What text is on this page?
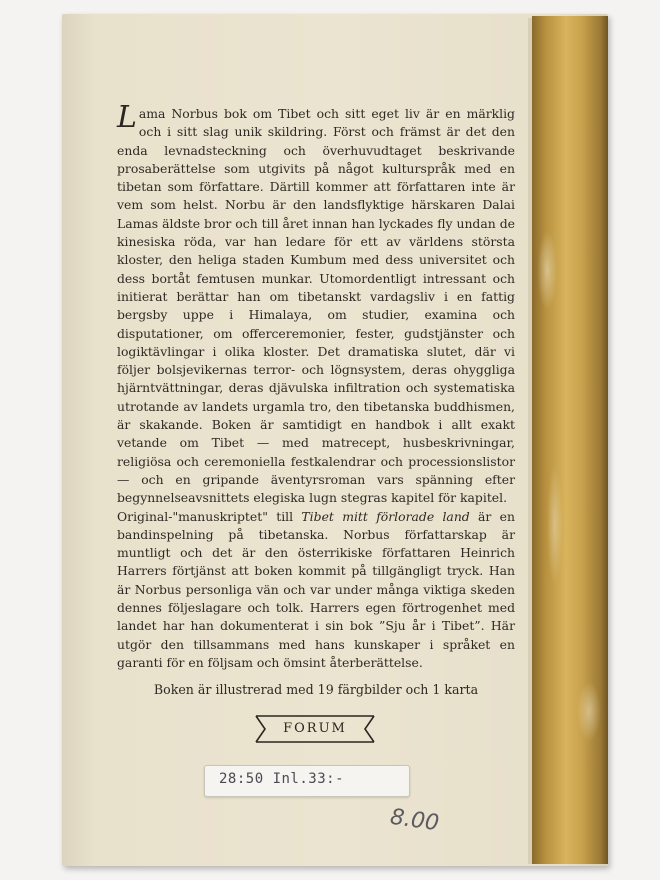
Lama Norbus bok om Tibet och sitt eget liv är en märklig och i sitt slag unik skildring. Först och främst är det den enda levnadsteckning och överhuvudtaget beskrivande prosaberättelse som utgivits på något kulturspråk med en tibetan som författare. Därtill kommer att författaren inte är vem som helst. Norbu är den landsflyktige härskaren Dalai Lamas äldste bror och till året innan han lyckades fly undan de kinesiska röda, var han ledare för ett av världens största kloster, den heliga staden Kumbum med dess universitet och dess bortåt femtusen munkar. Utomordentligt intressant och initierat berättar han om tibetanskt vardagsliv i en fattig bergsby uppe i Himalaya, om studier, examina och disputationer, om offerceremonier, fester, gudstjänster och logiktävlingar i olika kloster. Det dramatiska slutet, där vi följer bolsjevikernas terror- och lögnsystem, deras ohyggliga hjärntvättningar, deras djävulska infiltration och systematiska utrotande av landets urgamla tro, den tibetanska buddhismen, är skakande. Boken är samtidigt en handbok i allt exakt vetande om Tibet — med matrecept, husbeskrivningar, religiösa och ceremoniella festkalendrar och processionslistor — och en gripande äventyrsroman vars spänning efter begynnelseavsnittets elegiska lugn stegras kapitel för kapitel.

Original-"manuskriptet" till Tibet mitt förlorade land är en bandinspelning på tibetanska. Norbus författarskap är muntligt och det är den österrikiske författaren Heinrich Harrers förtjänst att boken kommit på tillgängligt tryck. Han är Norbus personliga vän och var under många viktiga skeden dennes följeslagare och tolk. Harrers egen förtrogenhet med landet har han dokumenterat i sin bok ”Sju år i Tibet”. Här utgör den tillsammans med hans kunskaper i språket en garanti för en följsam och ömsint återberättelse.

Boken är illustrerad med 19 färgbilder och 1 karta
FORUM
28:50 Inl.33:-
8.00
